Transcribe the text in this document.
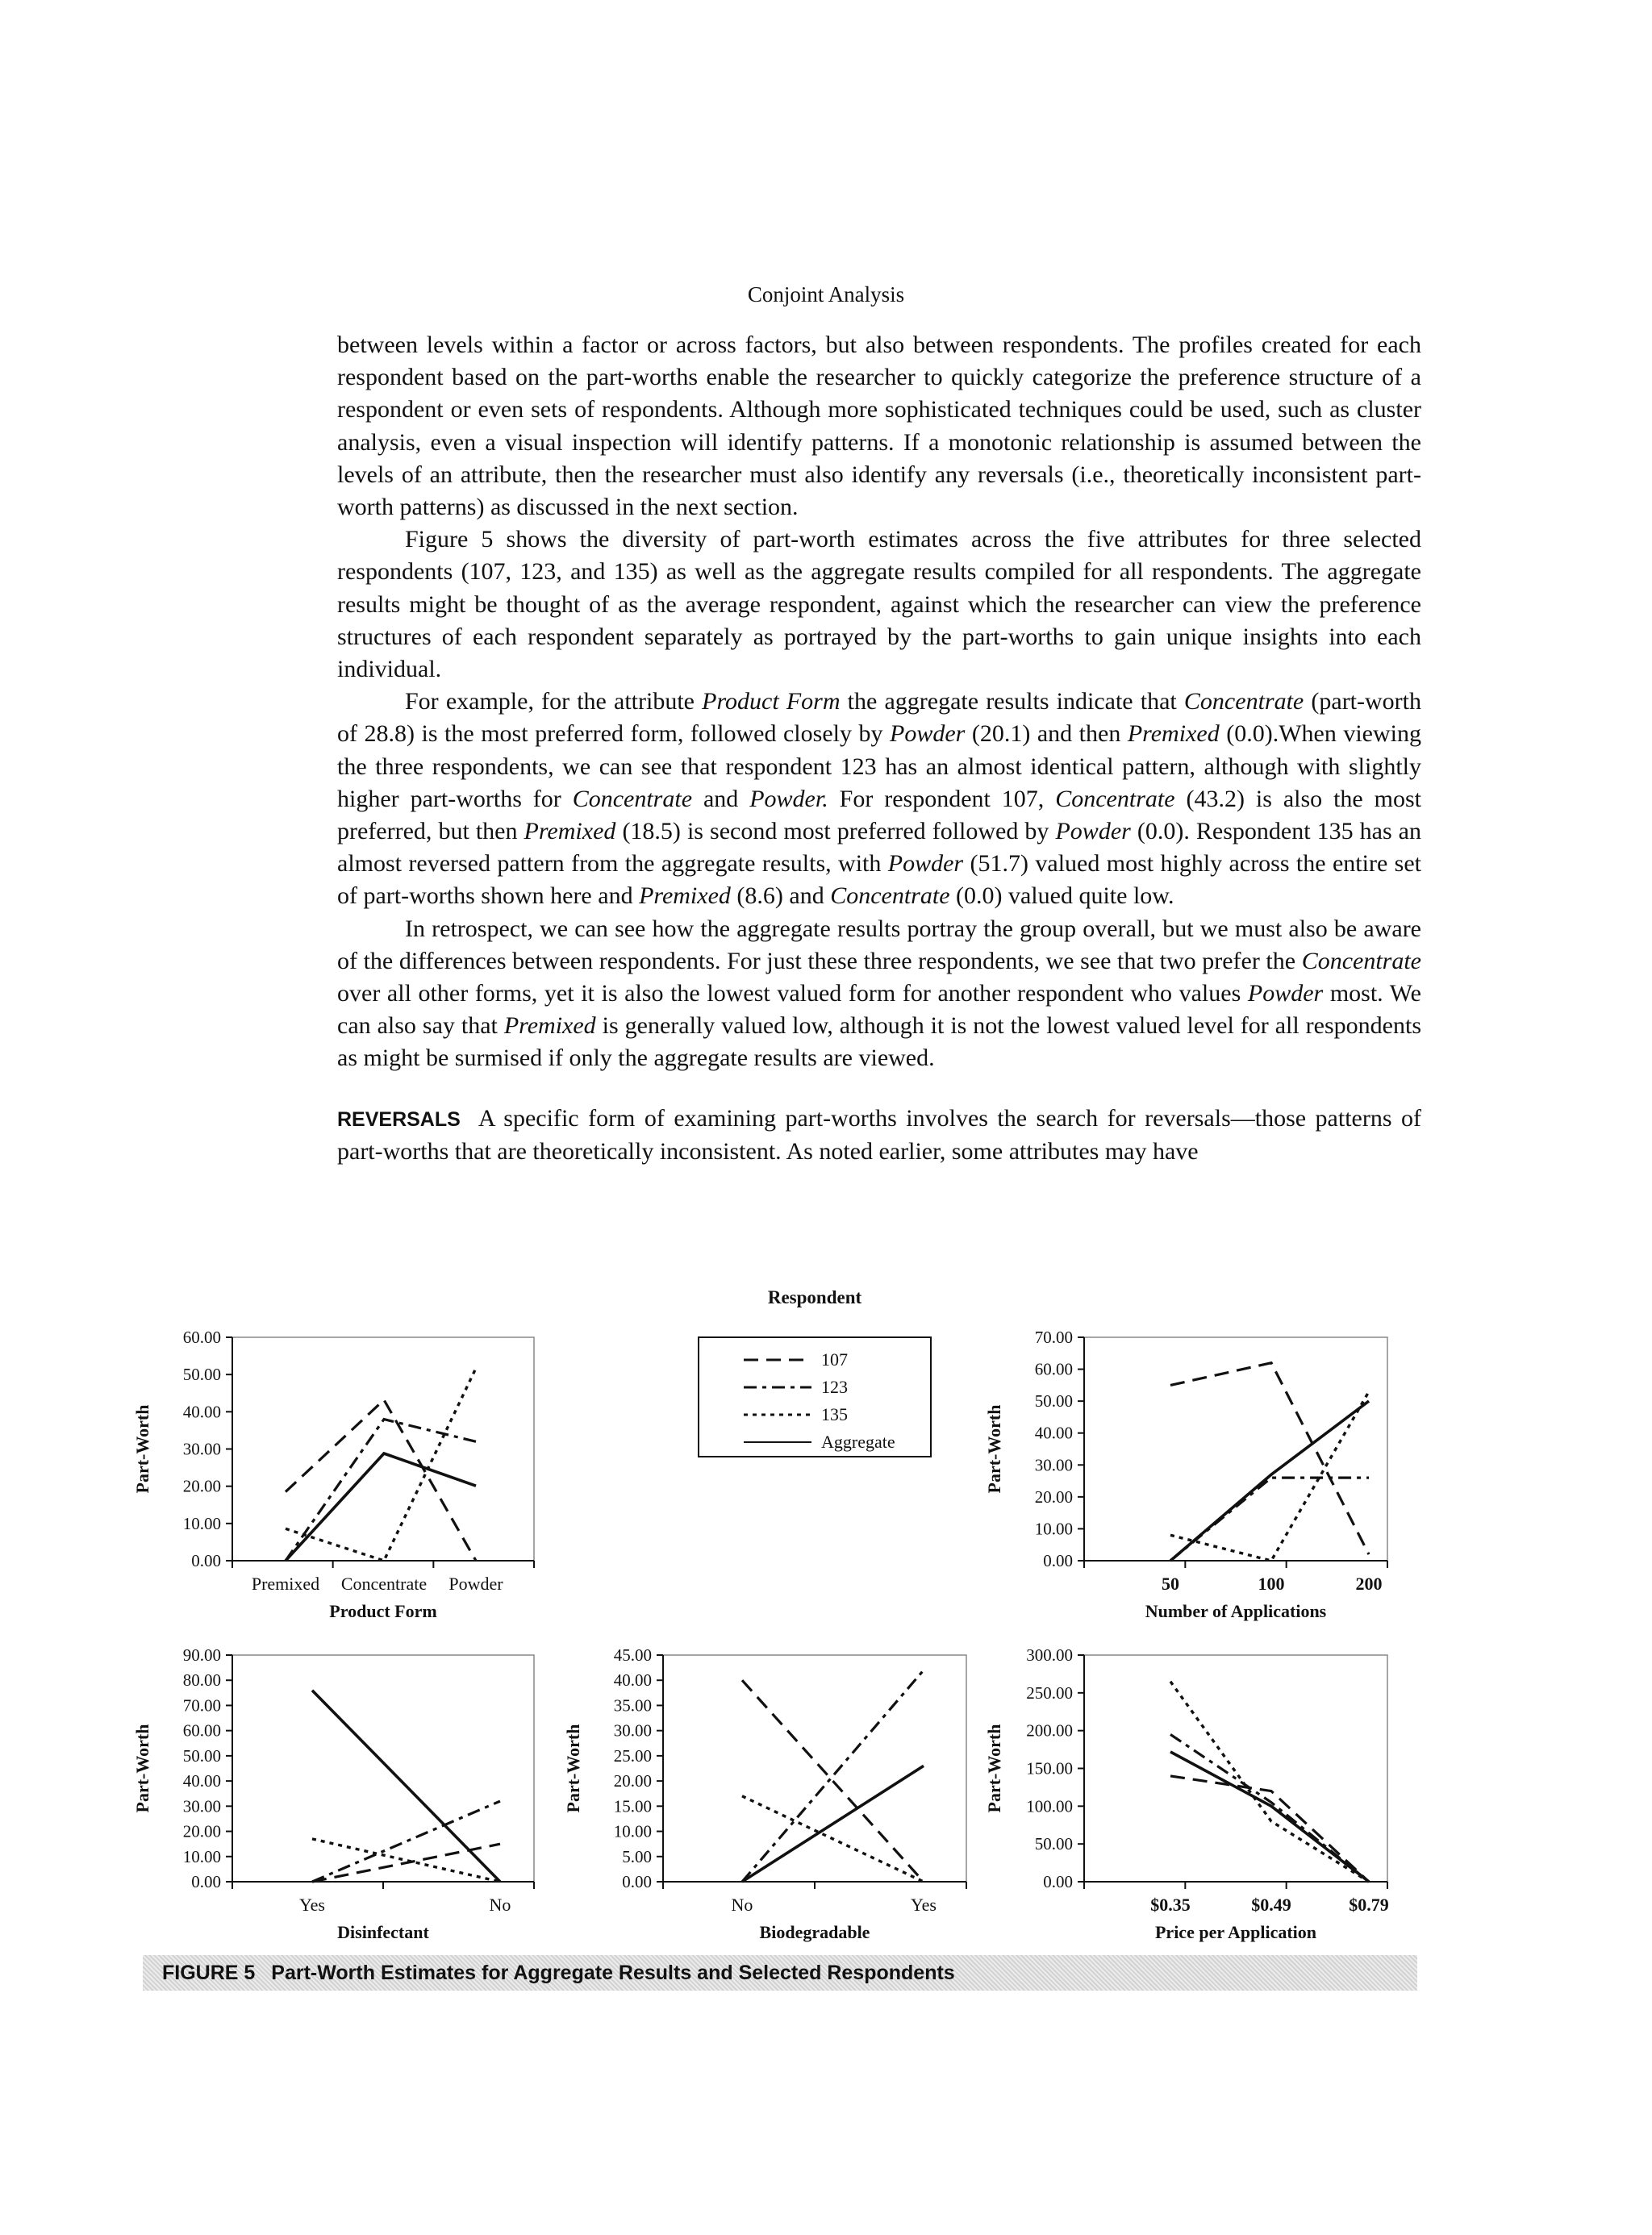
Conjoint Analysis

between levels within a factor or across factors, but also between respondents. The profiles created for each respondent based on the part-worths enable the researcher to quickly categorize the preference structure of a respondent or even sets of respondents. Although more sophisticated techniques could be used, such as cluster analysis, even a visual inspection will identify patterns. If a monotonic relationship is assumed between the levels of an attribute, then the researcher must also identify any reversals (i.e., theoretically inconsistent part-worth patterns) as discussed in the next section.

Figure 5 shows the diversity of part-worth estimates across the five attributes for three selected respondents (107, 123, and 135) as well as the aggregate results compiled for all respondents. The aggregate results might be thought of as the average respondent, against which the researcher can view the preference structures of each respondent separately as portrayed by the part-worths to gain unique insights into each individual.

For example, for the attribute Product Form the aggregate results indicate that Concentrate (part-worth of 28.8) is the most preferred form, followed closely by Powder (20.1) and then Premixed (0.0).When viewing the three respondents, we can see that respondent 123 has an almost identical pattern, although with slightly higher part-worths for Concentrate and Powder. For respondent 107, Concentrate (43.2) is also the most preferred, but then Premixed (18.5) is second most preferred followed by Powder (0.0). Respondent 135 has an almost reversed pattern from the aggregate results, with Powder (51.7) valued most highly across the entire set of part-worths shown here and Premixed (8.6) and Concentrate (0.0) valued quite low.

In retrospect, we can see how the aggregate results portray the group overall, but we must also be aware of the differences between respondents. For just these three respondents, we see that two prefer the Concentrate over all other forms, yet it is also the lowest valued form for another respondent who values Powder most. We can also say that Premixed is generally valued low, although it is not the lowest valued level for all respondents as might be surmised if only the aggregate results are viewed.

REVERSALS A specific form of examining part-worths involves the search for reversals—those patterns of part-worths that are theoretically inconsistent. As noted earlier, some attributes may have

0.00
10.00
20.00
30.00
40.00
50.00
60.00
Premixed Concentrate Powder
Product Form
Part-Worth
0.00
10.00
20.00
30.00
40.00
50.00
60.00
70.00
50	100	200
Number of Applications
Part-Worth
0.00
10.00
20.00
30.00
40.00
50.00
60.00
70.00
80.00
90.00
Yes	No
Disinfectant
Part-Worth
0.00
5.00
10.00
15.00
20.00
25.00
30.00
35.00
40.00
45.00
No	Yes
Biodegradable
Part-Worth
0.00
50.00
100.00
150.00
200.00
250.00
300.00
$0.35	$0.49	$0.79
Price per Application
Part-Worth
Respondent
107
123
135
Aggregate
FIGURE 5 Part-Worth Estimates for Aggregate Results and Selected Respondents
